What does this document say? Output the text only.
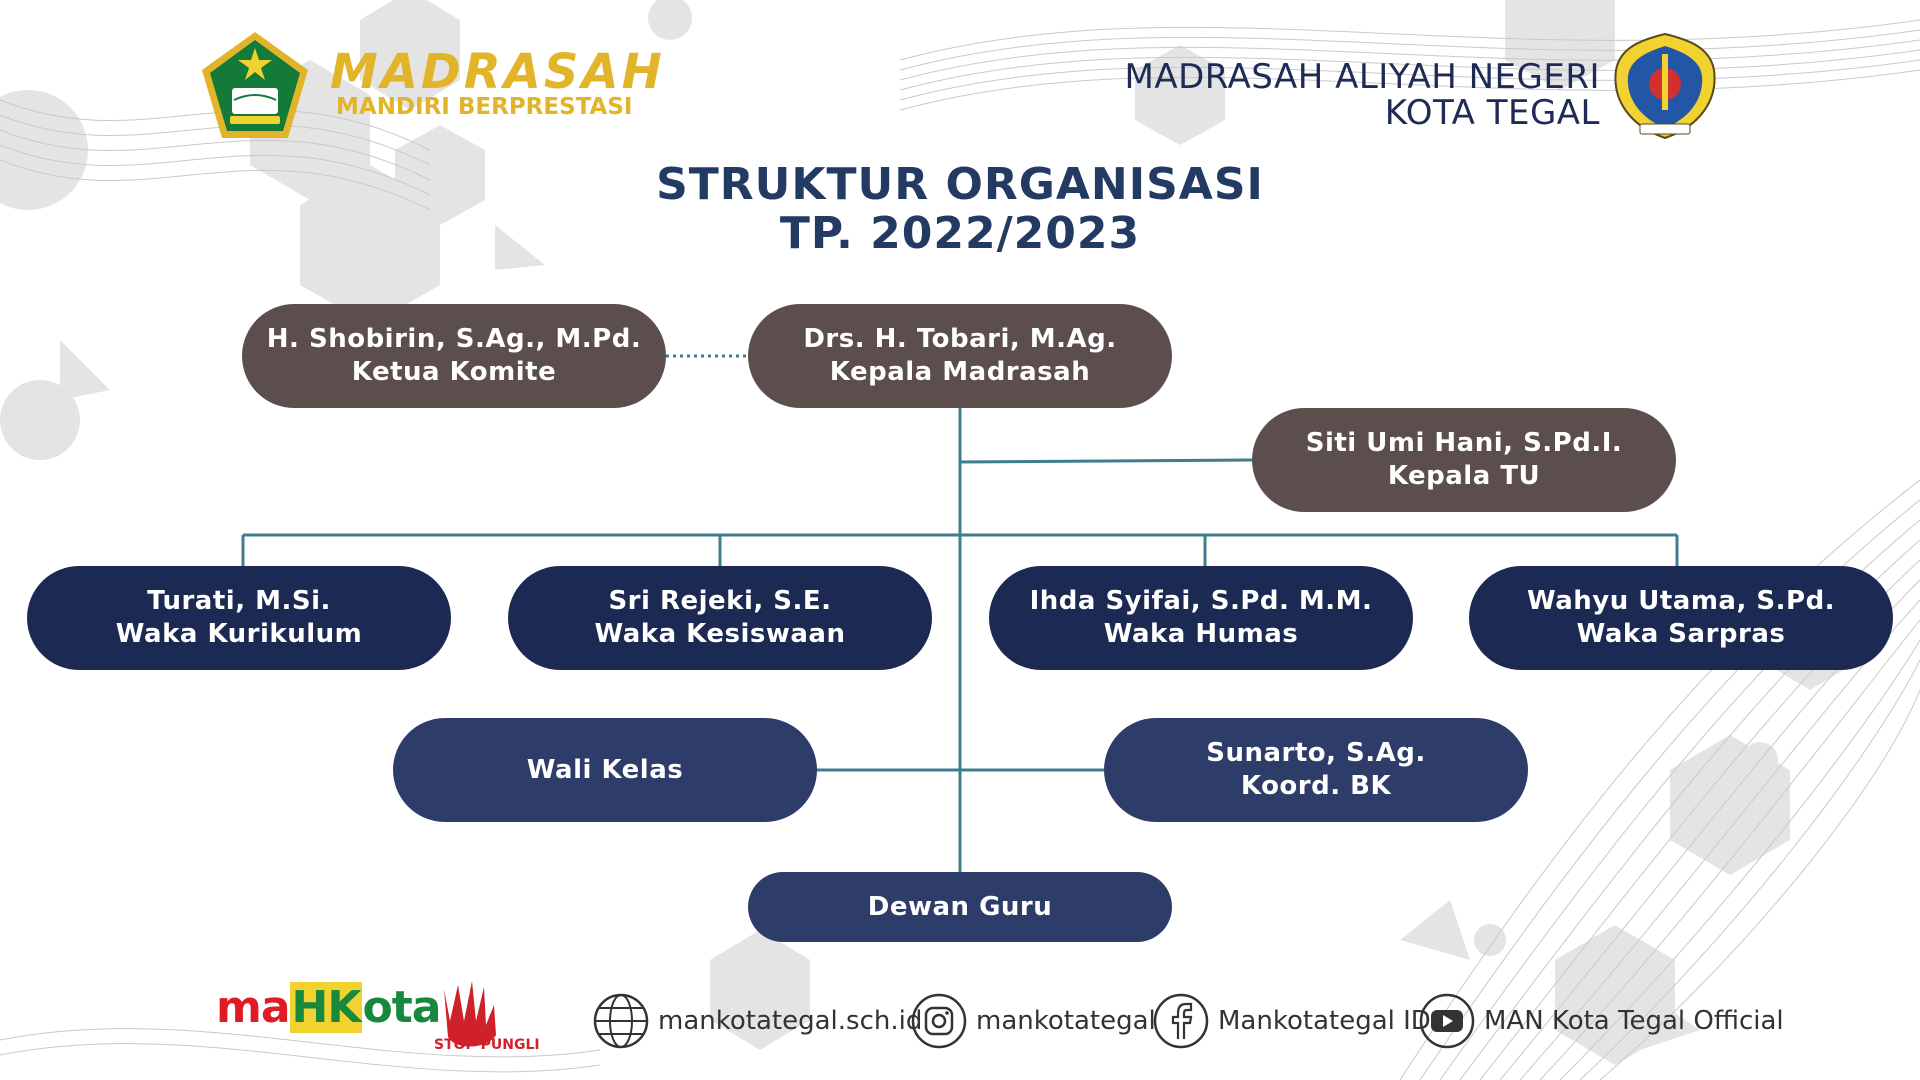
MADRASAH
MANDIRI BERPRESTASI
MADRASAH ALIYAH NEGERI
KOTA TEGAL
STRUKTUR ORGANISASI
TP. 2022/2023
H. Shobirin, S.Ag., M.Pd.
Ketua Komite
Drs. H. Tobari, M.Ag.
Kepala Madrasah
Siti Umi Hani, S.Pd.I.
Kepala TU
Turati, M.Si.
Waka Kurikulum
Sri Rejeki, S.E.
Waka Kesiswaan
Ihda Syifai, S.Pd. M.M.
Waka Humas
Wahyu Utama, S.Pd.
Waka Sarpras
Wali Kelas
Sunarto, S.Ag.
Koord. BK
Dewan Guru
maHKota
STOP PUNGLI
mankotategal.sch.id mankotategal Mankotategal ID MAN Kota Tegal Official
